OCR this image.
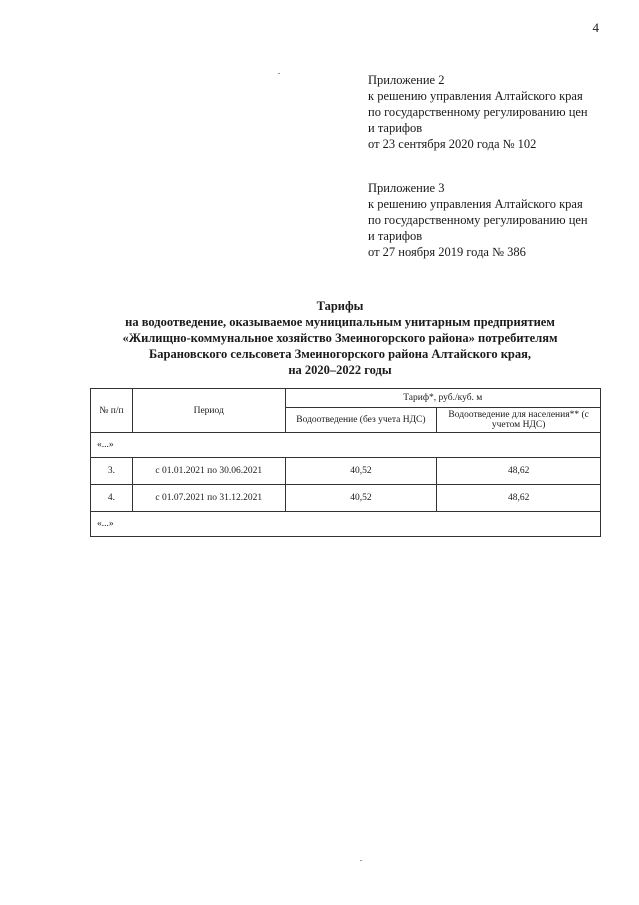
4
Приложение 2
к решению управления Алтайского края
по государственному регулированию цен
и тарифов
от 23 сентября 2020 года № 102
Приложение 3
к решению управления Алтайского края
по государственному регулированию цен
и тарифов
от 27 ноября 2019 года № 386
Тарифы
на водоотведение, оказываемое муниципальным унитарным предприятием
«Жилищно-коммунальное хозяйство Змеиногорского района» потребителям
Барановского сельсовета Змеиногорского района Алтайского края,
на 2020–2022 годы
№ п/п	Период	Тариф*, руб./куб. м	
		Водоотведение (без учета НДС)	Водоотведение для населения** (с учетом НДС)
«...»			
3.	с 01.01.2021 по 30.06.2021	40,52	48,62
4.	с 01.07.2021 по 31.12.2021	40,52	48,62
«...»			
